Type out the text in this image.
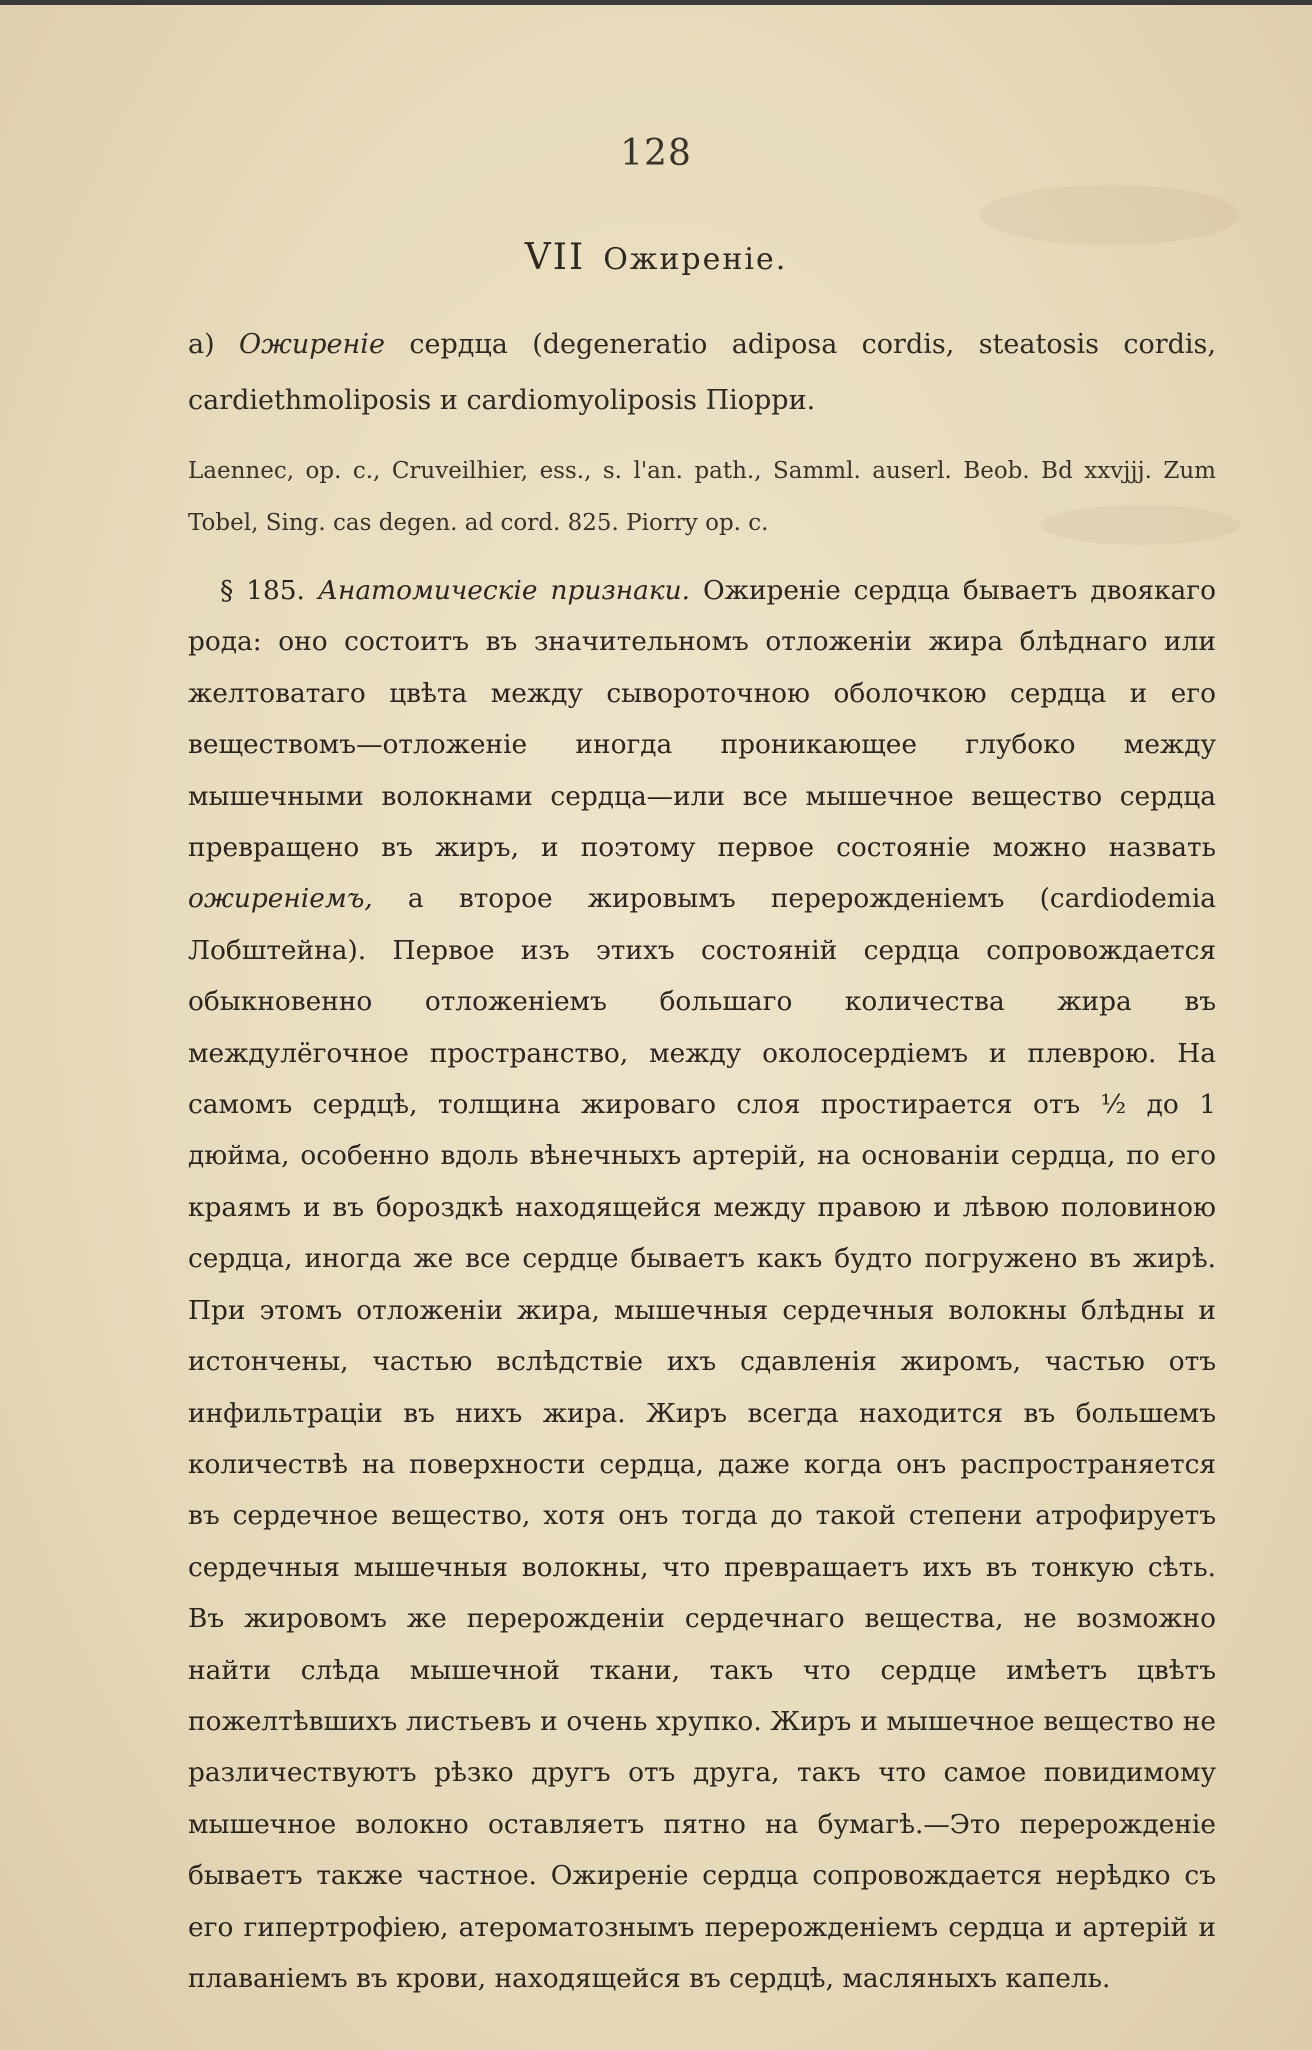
128
VII Ожиреніе.
a) Ожиреніе сердца (degeneratio adiposa cordis, steatosis cordis, cardiethmoliposis и cardiomyoliposis Піорри.
Laennec, op. c., Cruveilhier, ess., s. l'an. path., Samml. auserl. Beob. Bd xxvjjj. Zum Tobel, Sing. cas degen. ad cord. 825. Piorry op. c.

§ 185. Анатомическіе признаки. Ожиреніе сердца бываетъ двоякаго рода: оно состоитъ въ значительномъ отложеніи жира блѣднаго или желтоватаго цвѣта между сывороточною оболочкою сердца и его веществомъ—отложеніе иногда проникающее глубоко между мышечными волокнами сердца—или все мышечное вещество сердца превращено въ жиръ, и поэтому первое состояніе можно назвать ожиреніемъ, а второе жировымъ перерожденіемъ (cardiodemia Лобштейна). Первое изъ этихъ состояній сердца сопровождается обыкновенно отложеніемъ большаго количества жира въ междулёгочное пространство, между околосердіемъ и плеврою. На самомъ сердцѣ, толщина жироваго слоя простирается отъ ½ до 1 дюйма, особенно вдоль вѣнечныхъ артерій, на основаніи сердца, по его краямъ и въ бороздкѣ находящейся между правою и лѣвою половиною сердца, иногда же все сердце бываетъ какъ будто погружено въ жирѣ. При этомъ отложеніи жира, мышечныя сердечныя волокны блѣдны и истончены, частью вслѣдствіе ихъ сдавленія жиромъ, частью отъ инфильтраціи въ нихъ жира. Жиръ всегда находится въ большемъ количествѣ на поверхности сердца, даже когда онъ распространяется въ сердечное вещество, хотя онъ тогда до такой степени атрофируетъ сердечныя мышечныя волокны, что превращаетъ ихъ въ тонкую сѣть. Въ жировомъ же перерожденіи сердечнаго вещества, не возможно найти слѣда мышечной ткани, такъ что сердце имѣетъ цвѣтъ пожелтѣвшихъ листьевъ и очень хрупко. Жиръ и мышечное вещество не различествуютъ рѣзко другъ отъ друга, такъ что самое повидимому мышечное волокно оставляетъ пятно на бумагѣ.—Это перерожденіе бываетъ также частное. Ожиреніе сердца сопровождается нерѣдко съ его гипертрофіею, атероматознымъ перерожденіемъ сердца и артерій и плаваніемъ въ крови, находящейся въ сердцѣ, масляныхъ капель.
